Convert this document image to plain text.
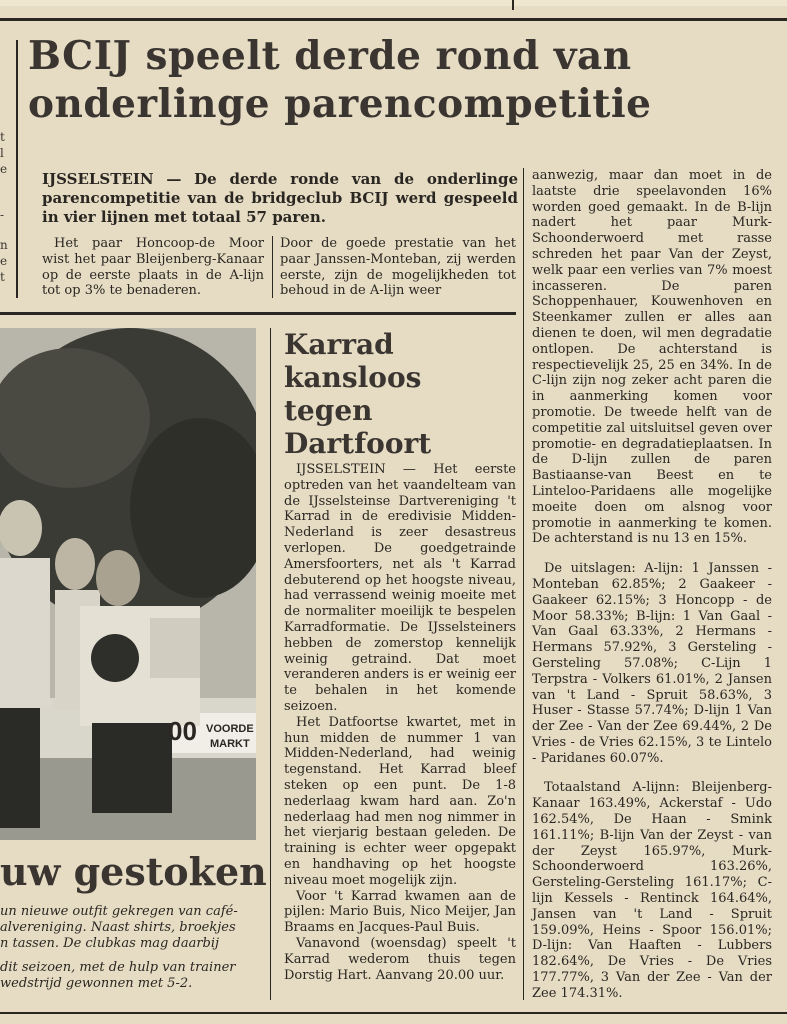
t
l
e
-
n
e
t
BCIJ speelt derde rond van
onderlinge parencompetitie

IJSSELSTEIN — De derde ronde van de onderlinge parencompetitie van de bridgeclub BCIJ werd gespeeld in vier lijnen met totaal 57 paren.

Het paar Honcoop-de Moor wist het paar Bleijenberg-Kanaar op de eerste plaats in de A-lijn tot op 3% te benaderen.

Door de goede prestatie van het paar Janssen-Monteban, zij werden eerste, zijn de mogelijkheden tot behoud in de A-lijn weer

aanwezig, maar dan moet in de laatste drie speelavonden 16% worden goed gemaakt. In de B-lijn nadert het paar Murk-Schoonderwoerd met rasse schreden het paar Van der Zeyst, welk paar een verlies van 7% moest incasseren. De paren Schoppenhauer, Kouwenhoven en Steenkamer zullen er alles aan dienen te doen, wil men degradatie ontlopen. De achterstand is respectievelijk 25, 25 en 34%. In de C-lijn zijn nog zeker acht paren die in aanmerking komen voor promotie. De tweede helft van de competitie zal uitsluitsel geven over promotie- en degradatieplaatsen. In de D-lijn zullen de paren Bastiaanse-van Beest en te Linteloo-Paridaens alle mogelijke moeite doen om alsnog voor promotie in aanmerking te komen. De achterstand is nu 13 en 15%.

De uitslagen: A-lijn: 1 Janssen - Monteban 62.85%; 2 Gaakeer - Gaakeer 62.15%; 3 Honcopp - de Moor 58.33%; B-lijn: 1 Van Gaal - Van Gaal 63.33%, 2 Hermans - Hermans 57.92%, 3 Gersteling - Gersteling 57.08%; C-Lijn 1 Terpstra - Volkers 61.01%, 2 Jansen van 't Land - Spruit 58.63%, 3 Huser - Stasse 57.74%; D-lijn 1 Van der Zee - Van der Zee 69.44%, 2 De Vries - de Vries 62.15%, 3 te Lintelo - Paridanes 60.07%.

Totaalstand A-lijnn: Bleijenberg-Kanaar 163.49%, Ackerstaf - Udo 162.54%, De Haan - Smink 161.11%; B-lijn Van der Zeyst - van der Zeyst 165.97%, Murk-Schoonderwoerd 163.26%, Gersteling-Gersteling 161.17%; C-lijn Kessels - Rentinck 164.64%, Jansen van 't Land - Spruit 159.09%, Heins - Spoor 156.01%; D-lijn: Van Haaften - Lubbers 182.64%, De Vries - De Vries 177.77%, 3 Van der Zee - Van der Zee 174.31%.

VOORDE
MARKT
00
uw gestoken
un nieuwe outfit gekregen van café-
alvereniging. Naast shirts, broekjes
n tassen. De clubkas mag daarbij
dit seizoen, met de hulp van trainer
wedstrijd gewonnen met 5-2.
Karrad kansloos tegen Dartfoort

IJSSELSTEIN — Het eerste optreden van het vaandelteam van de IJsselsteinse Dartvereniging 't Karrad in de eredivisie Midden-Nederland is zeer desastreus verlopen. De goedgetrainde Amersfoorters, net als 't Karrad debuterend op het hoogste niveau, had verrassend weinig moeite met de normaliter moeilijk te bespelen Karradformatie. De IJsselsteiners hebben de zomerstop kennelijk weinig getraind. Dat moet veranderen anders is er weinig eer te behalen in het komende seizoen.

Het Datfoortse kwartet, met in hun midden de nummer 1 van Midden-Nederland, had weinig tegenstand. Het Karrad bleef steken op een punt. De 1-8 nederlaag kwam hard aan. Zo'n nederlaag had men nog nimmer in het vierjarig bestaan geleden. De training is echter weer opgepakt en handhaving op het hoogste niveau moet mogelijk zijn.

Voor 't Karrad kwamen aan de pijlen: Mario Buis, Nico Meijer, Jan Braams en Jacques-Paul Buis.

Vanavond (woensdag) speelt 't Karrad wederom thuis tegen Dorstig Hart. Aanvang 20.00 uur.
